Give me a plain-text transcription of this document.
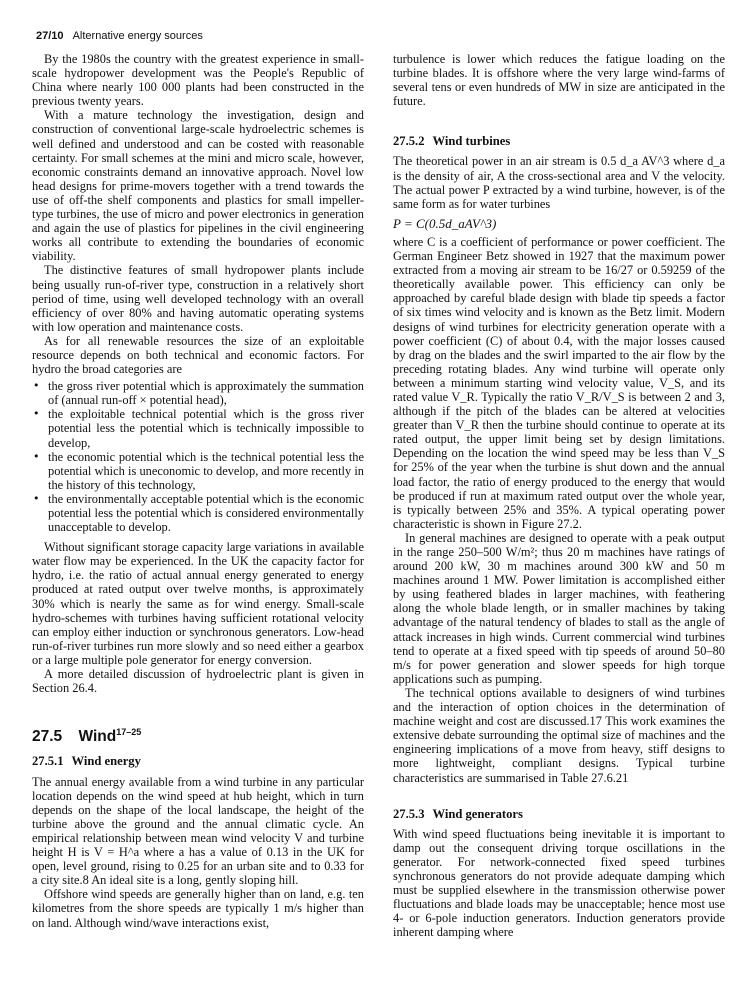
27/10 Alternative energy sources

By the 1980s the country with the greatest experience in small-scale hydropower development was the People's Republic of China where nearly 100 000 plants had been constructed in the previous twenty years.

With a mature technology the investigation, design and construction of conventional large-scale hydroelectric schemes is well defined and understood and can be costed with reasonable certainty. For small schemes at the mini and micro scale, however, economic constraints demand an innovative approach. Novel low head designs for prime-movers together with a trend towards the use of off-the shelf components and plastics for small impeller-type turbines, the use of micro and power electronics in generation and again the use of plastics for pipelines in the civil engineering works all contribute to extending the boundaries of economic viability.

The distinctive features of small hydropower plants include being usually run-of-river type, construction in a relatively short period of time, using well developed technology with an overall efficiency of over 80% and having automatic operating systems with low operation and maintenance costs.

As for all renewable resources the size of an exploitable resource depends on both technical and economic factors. For hydro the broad categories are

• the gross river potential which is approximately the summation of (annual run-off × potential head),
• the exploitable technical potential which is the gross river potential less the potential which is technically impossible to develop,
• the economic potential which is the technical potential less the potential which is uneconomic to develop, and more recently in the history of this technology,
• the environmentally acceptable potential which is the economic potential less the potential which is considered environmentally unacceptable to develop.

Without significant storage capacity large variations in available water flow may be experienced. In the UK the capacity factor for hydro, i.e. the ratio of actual annual energy generated to energy produced at rated output over twelve months, is approximately 30% which is nearly the same as for wind energy. Small-scale hydro-schemes with turbines having sufficient rotational velocity can employ either induction or synchronous generators. Low-head run-of-river turbines run more slowly and so need either a gearbox or a large multiple pole generator for energy conversion.

A more detailed discussion of hydroelectric plant is given in Section 26.4.

27.5 Wind$^{17-25}$
27.5.1 Wind energy

The annual energy available from a wind turbine in any particular location depends on the wind speed at hub height, which in turn depends on the shape of the local landscape, the height of the turbine above the ground and the annual climatic cycle. An empirical relationship between mean wind velocity V and turbine height H is V = H^a where a has a value of 0.13 in the UK for open, level ground, rising to 0.25 for an urban site and to 0.33 for a city site.8 An ideal site is a long, gently sloping hill.

Offshore wind speeds are generally higher than on land, e.g. ten kilometres from the shore speeds are typically 1 m/s higher than on land. Although wind/wave interactions exist,

turbulence is lower which reduces the fatigue loading on the turbine blades. It is offshore where the very large wind-farms of several tens or even hundreds of MW in size are anticipated in the future.

27.5.2 Wind turbines

The theoretical power in an air stream is 0.5 d_a AV^3 where d_a is the density of air, A the cross-sectional area and V the velocity. The actual power P extracted by a wind turbine, however, is of the same form as for water turbines

P = C(0.5d_aAV^3)

where C is a coefficient of performance or power coefficient. The German Engineer Betz showed in 1927 that the maximum power extracted from a moving air stream to be 16/27 or 0.59259 of the theoretically available power. This efficiency can only be approached by careful blade design with blade tip speeds a factor of six times wind velocity and is known as the Betz limit. Modern designs of wind turbines for electricity generation operate with a power coefficient (C) of about 0.4, with the major losses caused by drag on the blades and the swirl imparted to the air flow by the preceding rotating blades. Any wind turbine will operate only between a minimum starting wind velocity value, V_S, and its rated value V_R. Typically the ratio V_R/V_S is between 2 and 3, although if the pitch of the blades can be altered at velocities greater than V_R then the turbine should continue to operate at its rated output, the upper limit being set by design limitations. Depending on the location the wind speed may be less than V_S for 25% of the year when the turbine is shut down and the annual load factor, the ratio of energy produced to the energy that would be produced if run at maximum rated output over the whole year, is typically between 25% and 35%. A typical operating power characteristic is shown in Figure 27.2.

In general machines are designed to operate with a peak output in the range 250–500 W/m²; thus 20 m machines have ratings of around 200 kW, 30 m machines around 300 kW and 50 m machines around 1 MW. Power limitation is accomplished either by using feathered blades in larger machines, with feathering along the whole blade length, or in smaller machines by taking advantage of the natural tendency of blades to stall as the angle of attack increases in high winds. Current commercial wind turbines tend to operate at a fixed speed with tip speeds of around 50–80 m/s for power generation and slower speeds for high torque applications such as pumping.

The technical options available to designers of wind turbines and the interaction of option choices in the determination of machine weight and cost are discussed.17 This work examines the extensive debate surrounding the optimal size of machines and the engineering implications of a move from heavy, stiff designs to more lightweight, compliant designs. Typical turbine characteristics are summarised in Table 27.6.21

27.5.3 Wind generators

With wind speed fluctuations being inevitable it is important to damp out the consequent driving torque oscillations in the generator. For network-connected fixed speed turbines synchronous generators do not provide adequate damping which must be supplied elsewhere in the transmission otherwise power fluctuations and blade loads may be unacceptable; hence most use 4- or 6-pole induction generators. Induction generators provide inherent damping where
